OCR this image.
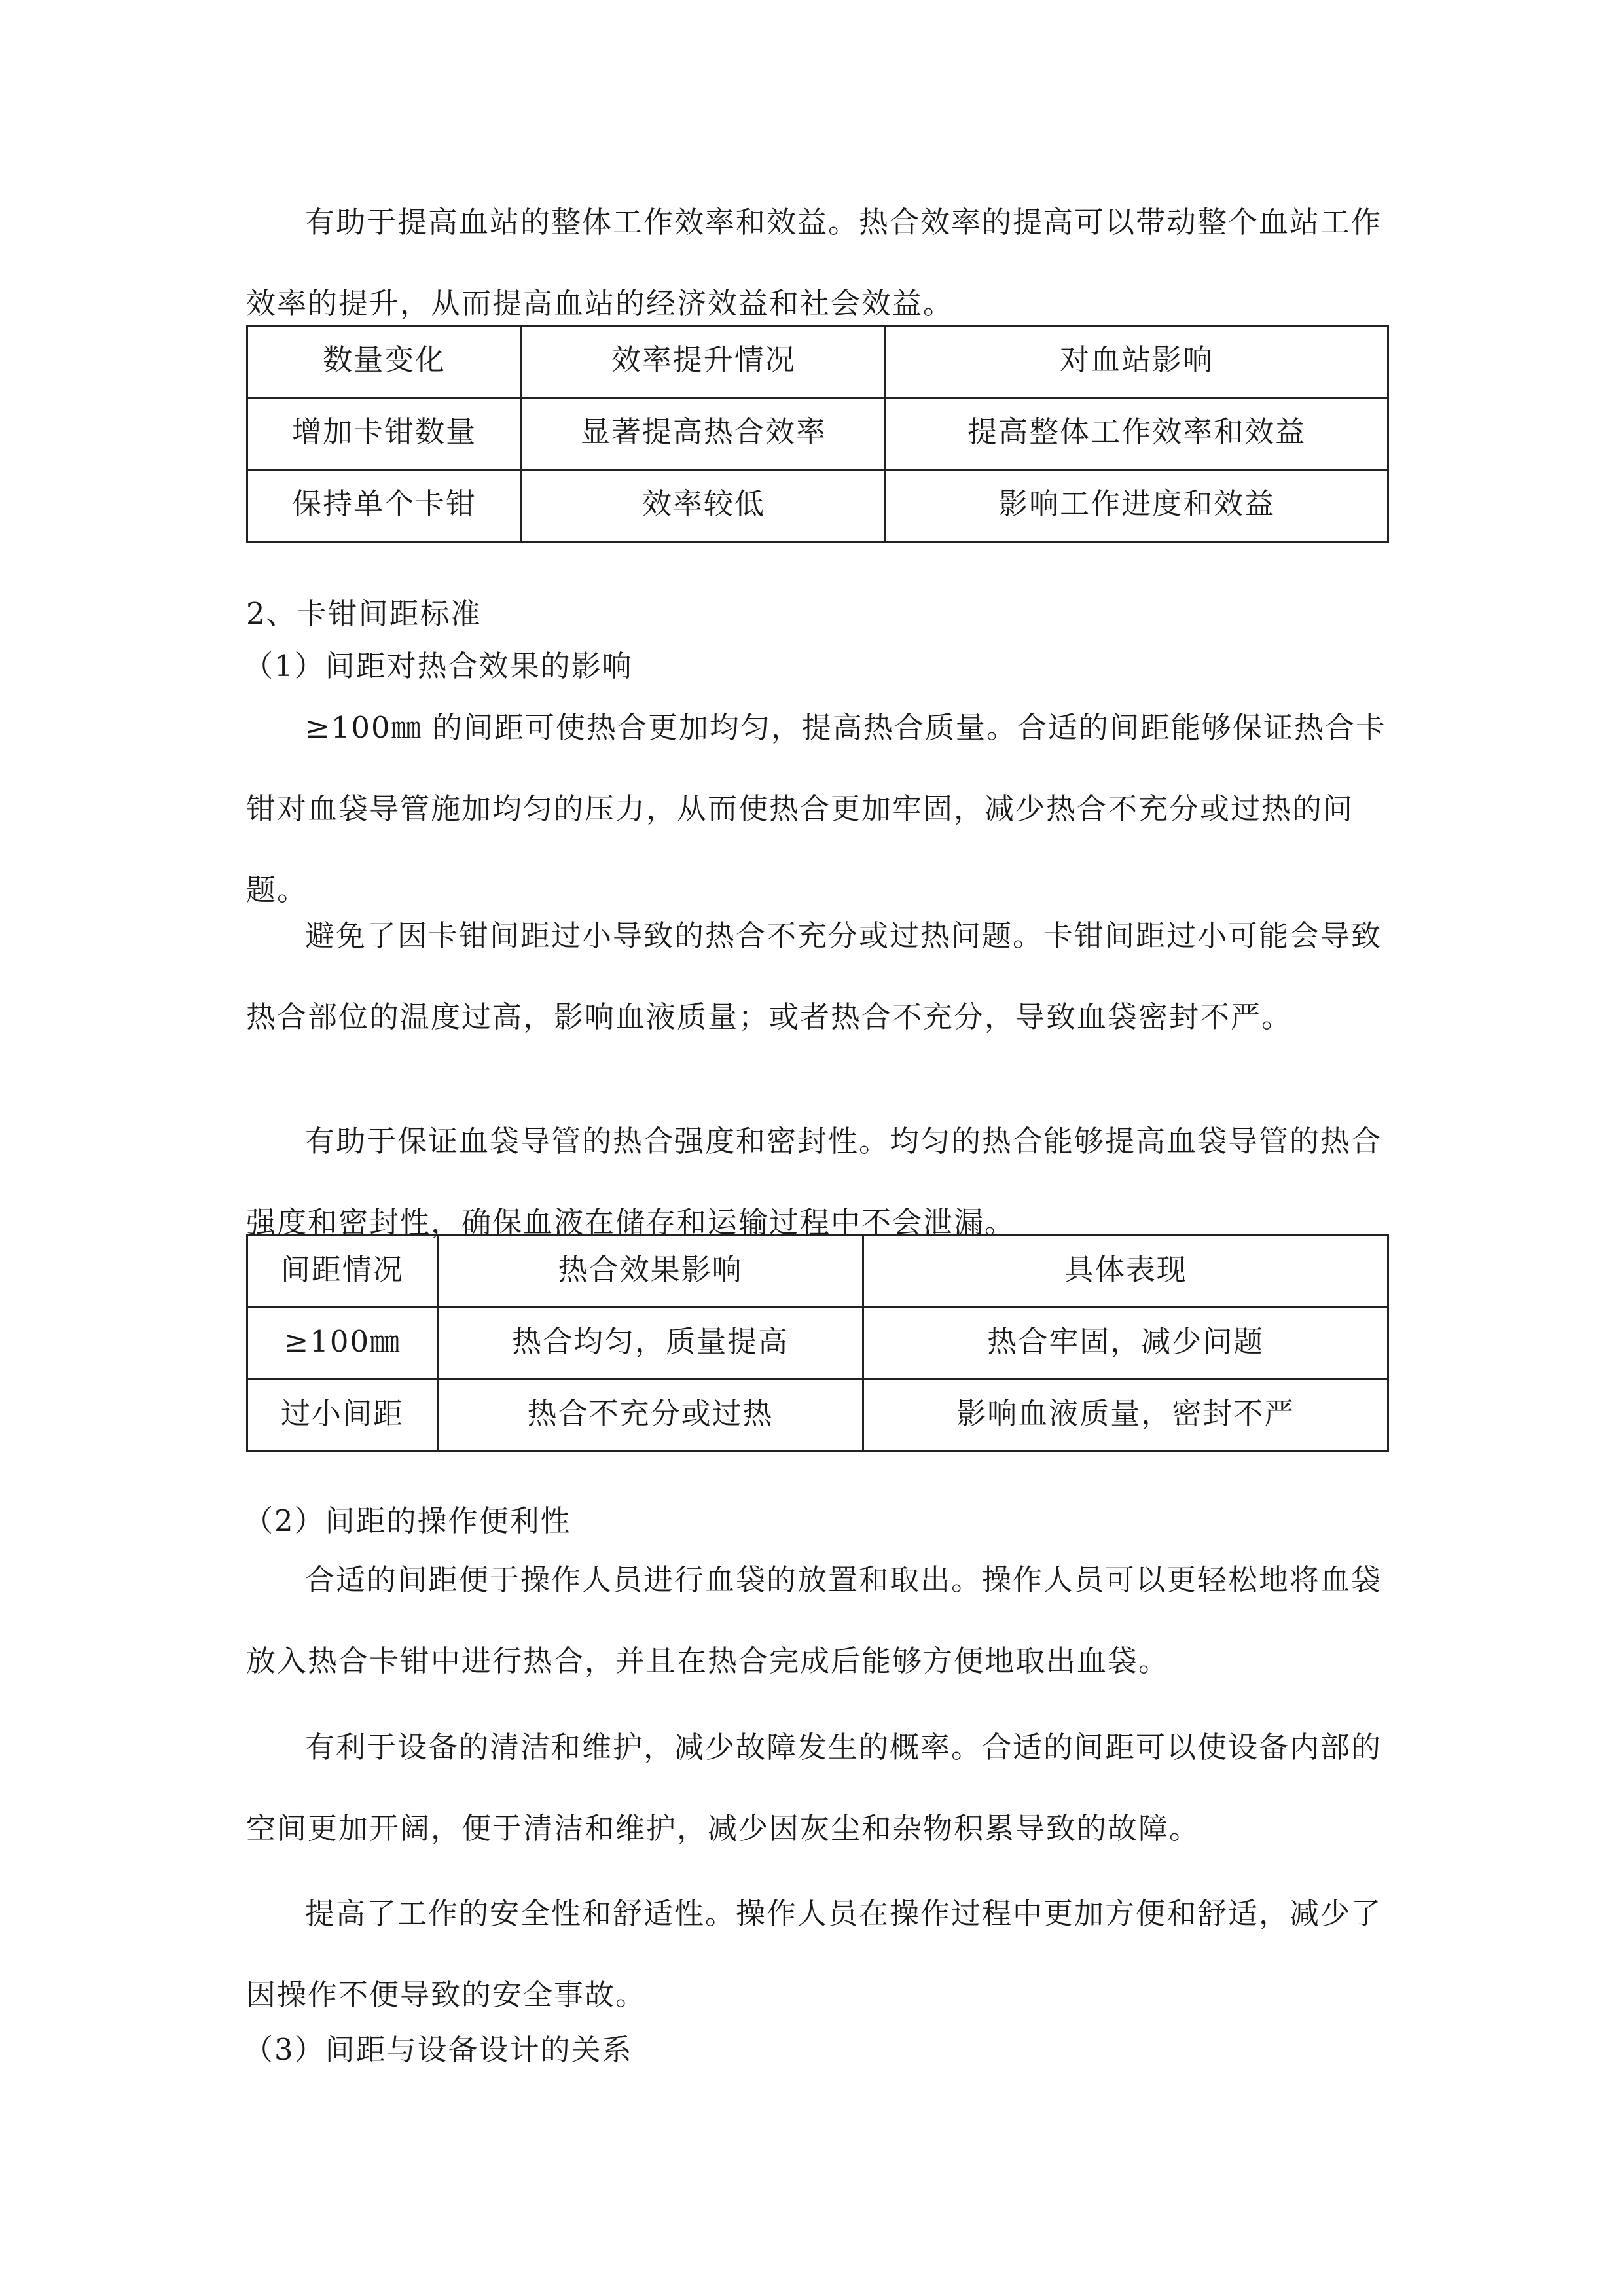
有助于提高血站的整体工作效率和效益。热合效率的提高可以带动整个血站工作效率的提升，从而提高血站的经济效益和社会效益。

数量变化	效率提升情况	对血站影响
增加卡钳数量	显著提高热合效率	提高整体工作效率和效益
保持单个卡钳	效率较低	影响工作进度和效益

2、卡钳间距标准

（1）间距对热合效果的影响

≥100㎜ 的间距可使热合更加均匀，提高热合质量。合适的间距能够保证热合卡钳对血袋导管施加均匀的压力，从而使热合更加牢固，减少热合不充分或过热的问题。

避免了因卡钳间距过小导致的热合不充分或过热问题。卡钳间距过小可能会导致热合部位的温度过高，影响血液质量；或者热合不充分，导致血袋密封不严。

有助于保证血袋导管的热合强度和密封性。均匀的热合能够提高血袋导管的热合强度和密封性，确保血液在储存和运输过程中不会泄漏。

间距情况	热合效果影响	具体表现
≥100㎜	热合均匀，质量提高	热合牢固，减少问题
过小间距	热合不充分或过热	影响血液质量，密封不严

（2）间距的操作便利性

合适的间距便于操作人员进行血袋的放置和取出。操作人员可以更轻松地将血袋放入热合卡钳中进行热合，并且在热合完成后能够方便地取出血袋。

有利于设备的清洁和维护，减少故障发生的概率。合适的间距可以使设备内部的空间更加开阔，便于清洁和维护，减少因灰尘和杂物积累导致的故障。

提高了工作的安全性和舒适性。操作人员在操作过程中更加方便和舒适，减少了因操作不便导致的安全事故。

（3）间距与设备设计的关系
